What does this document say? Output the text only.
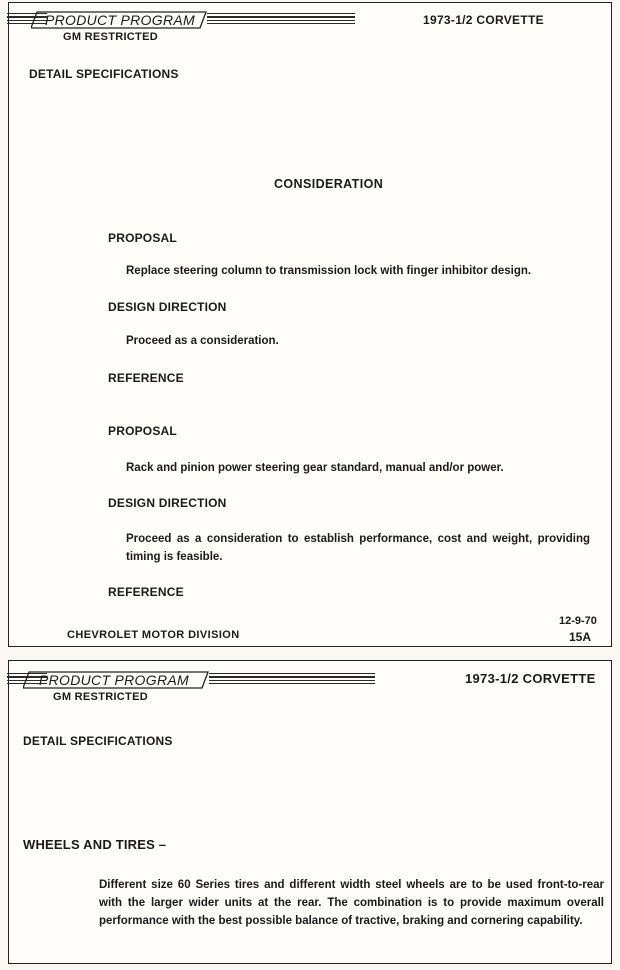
PRODUCT PROGRAM
GM RESTRICTED
1973-1/2 CORVETTE
DETAIL SPECIFICATIONS
CONSIDERATION
PROPOSAL
Replace steering column to transmission lock with finger inhibitor design.
DESIGN DIRECTION
Proceed as a consideration.
REFERENCE
PROPOSAL
Rack and pinion power steering gear standard, manual and/or power.
DESIGN DIRECTION
Proceed as a consideration to establish performance, cost and weight, providing timing is feasible.
REFERENCE
CHEVROLET MOTOR DIVISION
12-9-70
15A
PRODUCT PROGRAM
GM RESTRICTED
1973-1/2 CORVETTE
DETAIL SPECIFICATIONS
WHEELS AND TIRES –
Different size 60 Series tires and different width steel wheels are to be used front-to-rear with the larger wider units at the rear. The combination is to provide maximum overall performance with the best possible balance of tractive, braking and cornering capability.
